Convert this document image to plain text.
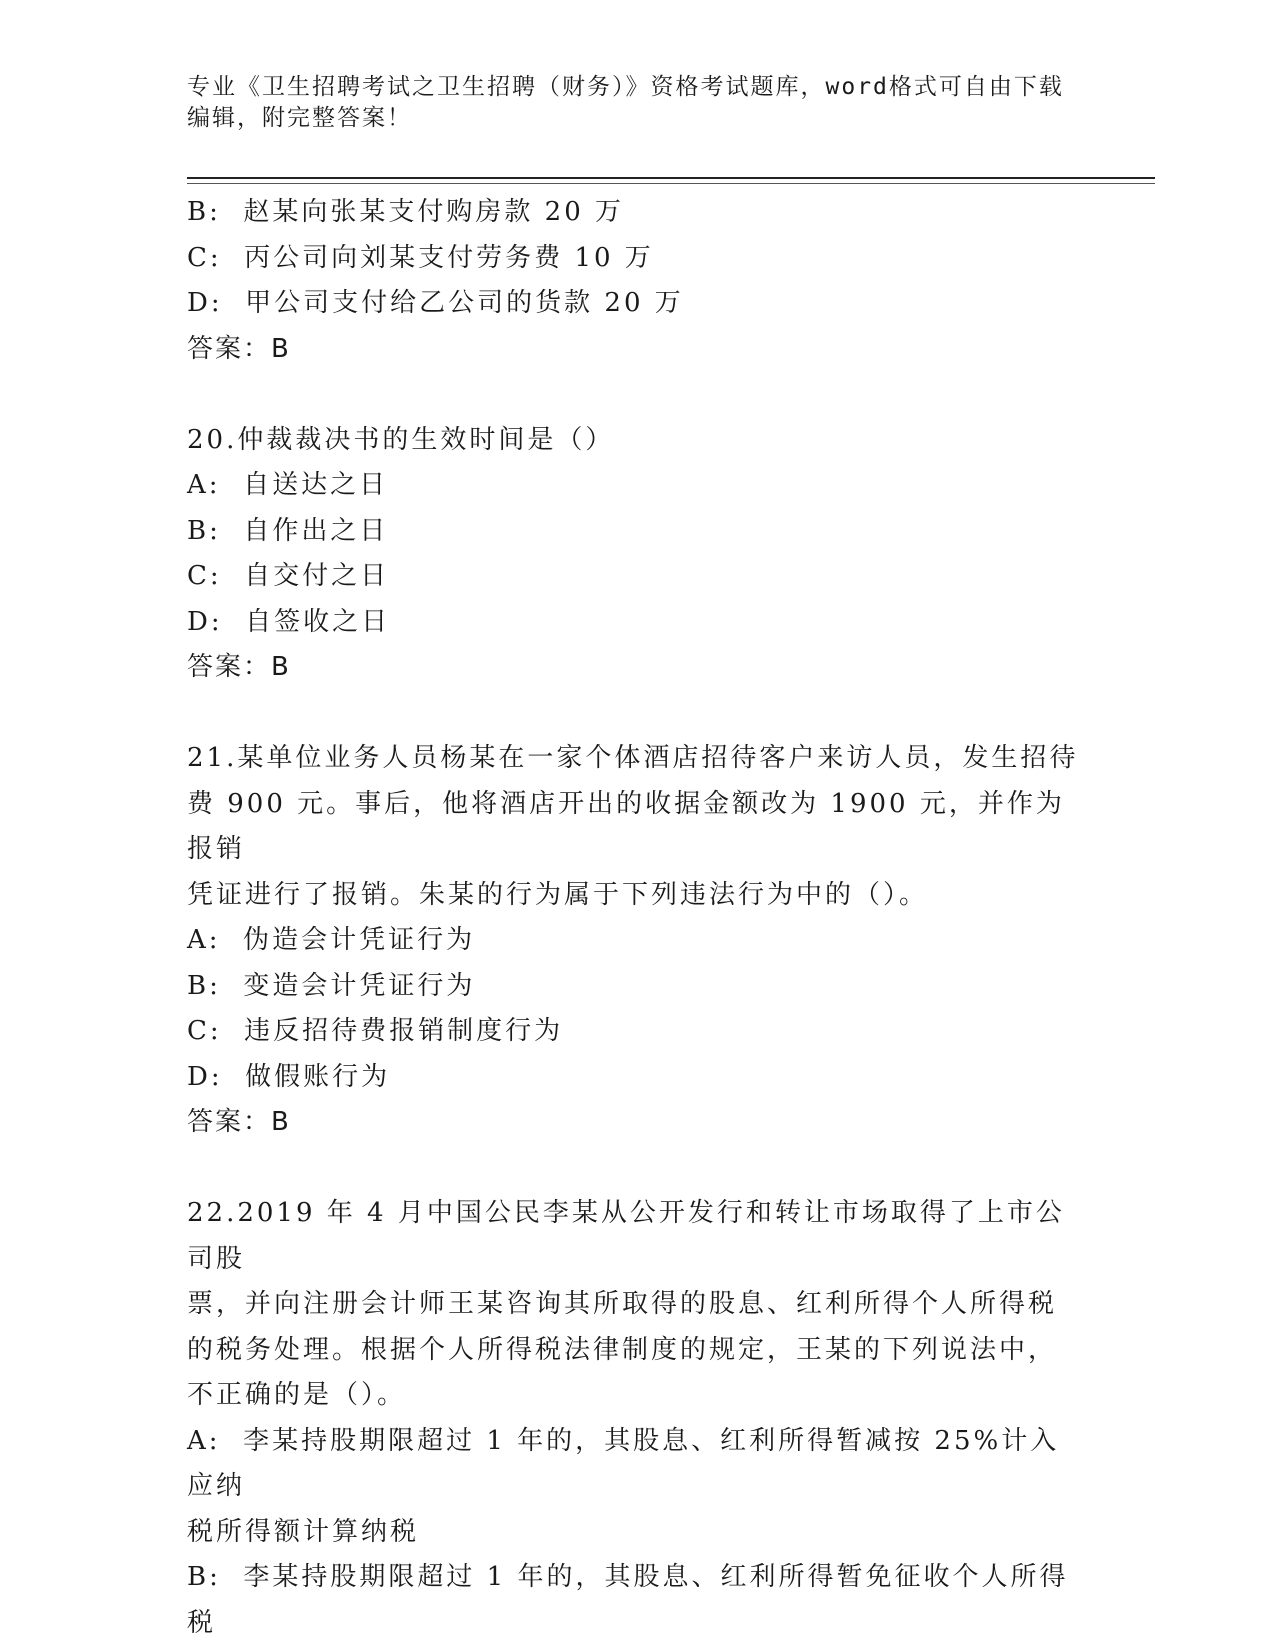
专业《卫生招聘考试之卫生招聘（财务）》资格考试题库，word格式可自由下载
编辑，附完整答案！
B:  赵某向张某支付购房款 20 万
C:  丙公司向刘某支付劳务费 10 万
D:  甲公司支付给乙公司的货款 20 万
答案：B
20.仲裁裁决书的生效时间是（）
A:  自送达之日
B:  自作出之日
C:  自交付之日
D:  自签收之日
答案：B
21.某单位业务人员杨某在一家个体酒店招待客户来访人员，发生招待
费 900 元。事后，他将酒店开出的收据金额改为 1900 元，并作为报销
凭证进行了报销。朱某的行为属于下列违法行为中的（）。
A:  伪造会计凭证行为
B:  变造会计凭证行为
C:  违反招待费报销制度行为
D:  做假账行为
答案：B
22.2019 年 4 月中国公民李某从公开发行和转让市场取得了上市公司股
票，并向注册会计师王某咨询其所取得的股息、红利所得个人所得税
的税务处理。根据个人所得税法律制度的规定，王某的下列说法中，
不正确的是（）。
A:  李某持股期限超过 1 年的，其股息、红利所得暂减按 25%计入应纳
税所得额计算纳税
B:  李某持股期限超过 1 年的，其股息、红利所得暂免征收个人所得税
